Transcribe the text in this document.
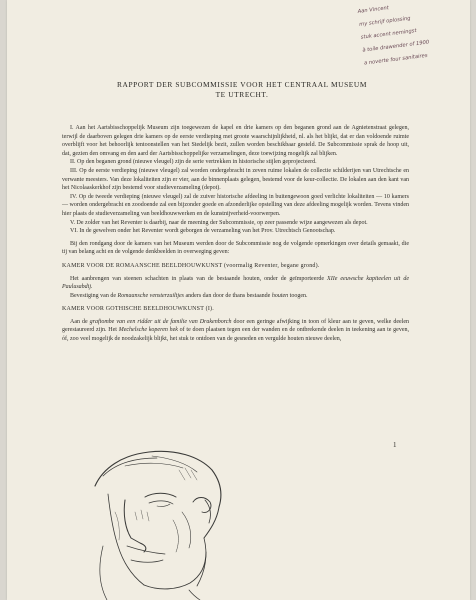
Aan Vincent
my schrijf oplossing
stuk accent nemingst
à toile drawender of 1900
a noverte four sanitaires
RAPPORT DER SUBCOMMISSIE VOOR HET CENTRAAL MUSEUM
TE UTRECHT.

I. Aan het Aartsbisschoppelijk Museum zijn toegewezen de kapel en drie kamers op den beganen grond aan de Agnietenstraat gelegen, terwijl de daarboven gelegen drie kamers op de eerste verdieping met groote waarschijnlijkheid, nl. als het blijkt, dat er dan voldoende ruimte overblijft voor het behoorlijk tentoonstellen van het Stedelijk bezit, zullen worden beschikbaar gesteld. De Subcommissie sprak de hoop uit, dat, gezien den omvang en den aard der Aartsbisschoppelijke verzamelingen, deze toewijzing mogelijk zal blijken.

II. Op den beganen grond (nieuwe vleugel) zijn de serie vertrekken in historische stijlen geprojecteerd.

III. Op de eerste verdieping (nieuwe vleugel) zal worden ondergebracht in zeven ruime lokalen de collectie schilderijen van Utrechtsche en verwante meesters. Van deze lokaliteiten zijn er vier, aan de binnenplaats gelegen, bestemd voor de keur-collectie. De lokalen aan den kant van het Nicolaaskerkhof zijn bestemd voor studieverzameling (depot).

IV. Op de tweede verdieping (nieuwe vleugel) zal de zuiver historische afdeeling in buitengewoon goed verlichte lokaliteiten — 10 kamers — worden ondergebracht en zoodoende zal een bijzonder goede en afzonderlijke opstelling van deze afdeeling mogelijk worden. Tevens vinden hier plaats de studieverzameling van beeldhouwwerken en de kunstnijverheid-voorwerpen.

V. De zolder van het Reventer is daarbij, naar de meening der Subcommissie, op zeer passende wijze aangewezen als depot.

VI. In de gewelven onder het Reventer wordt geborgen de verzameling van het Prov. Utrechtsch Genootschap.

Bij den rondgang door de kamers van het Museum werden door de Subcommissie nog de volgende opmerkingen over details gemaakt, die tij van belang acht en de volgende denkbeelden in overweging geven:

KAMER VOOR DE ROMAANSCHE BEELDHOUWKUNST (voormalig Reventer, begane grond).

Het aanbrengen van steenen schachten in plaats van de bestaande houten, onder de geïmporteerde XIIe eeuwsche kapiteelen uit de Paulusabdij.

Bevestiging van de Romaansche vensterzuiltjes anders dan door de thans bestaande houten toogen.

KAMER VOOR GOTHISCHE BEELDHOUWKUNST (I).

Aan de graftombe van een ridder uit de familie van Drakenborch door een geringe afwijking in toon of kleur aan te geven, welke deelen gerestaureerd zijn. Het Mechelsche koperen hek of te doen plaatsen tegen een der wanden en de ontbrekende deelen in teekening aan te geven, óf, zoo veel mogelijk de noodzakelijk blijkt, het stuk te ontdoen van de gesneden en vergulde houten nieuwe deelen,

1
